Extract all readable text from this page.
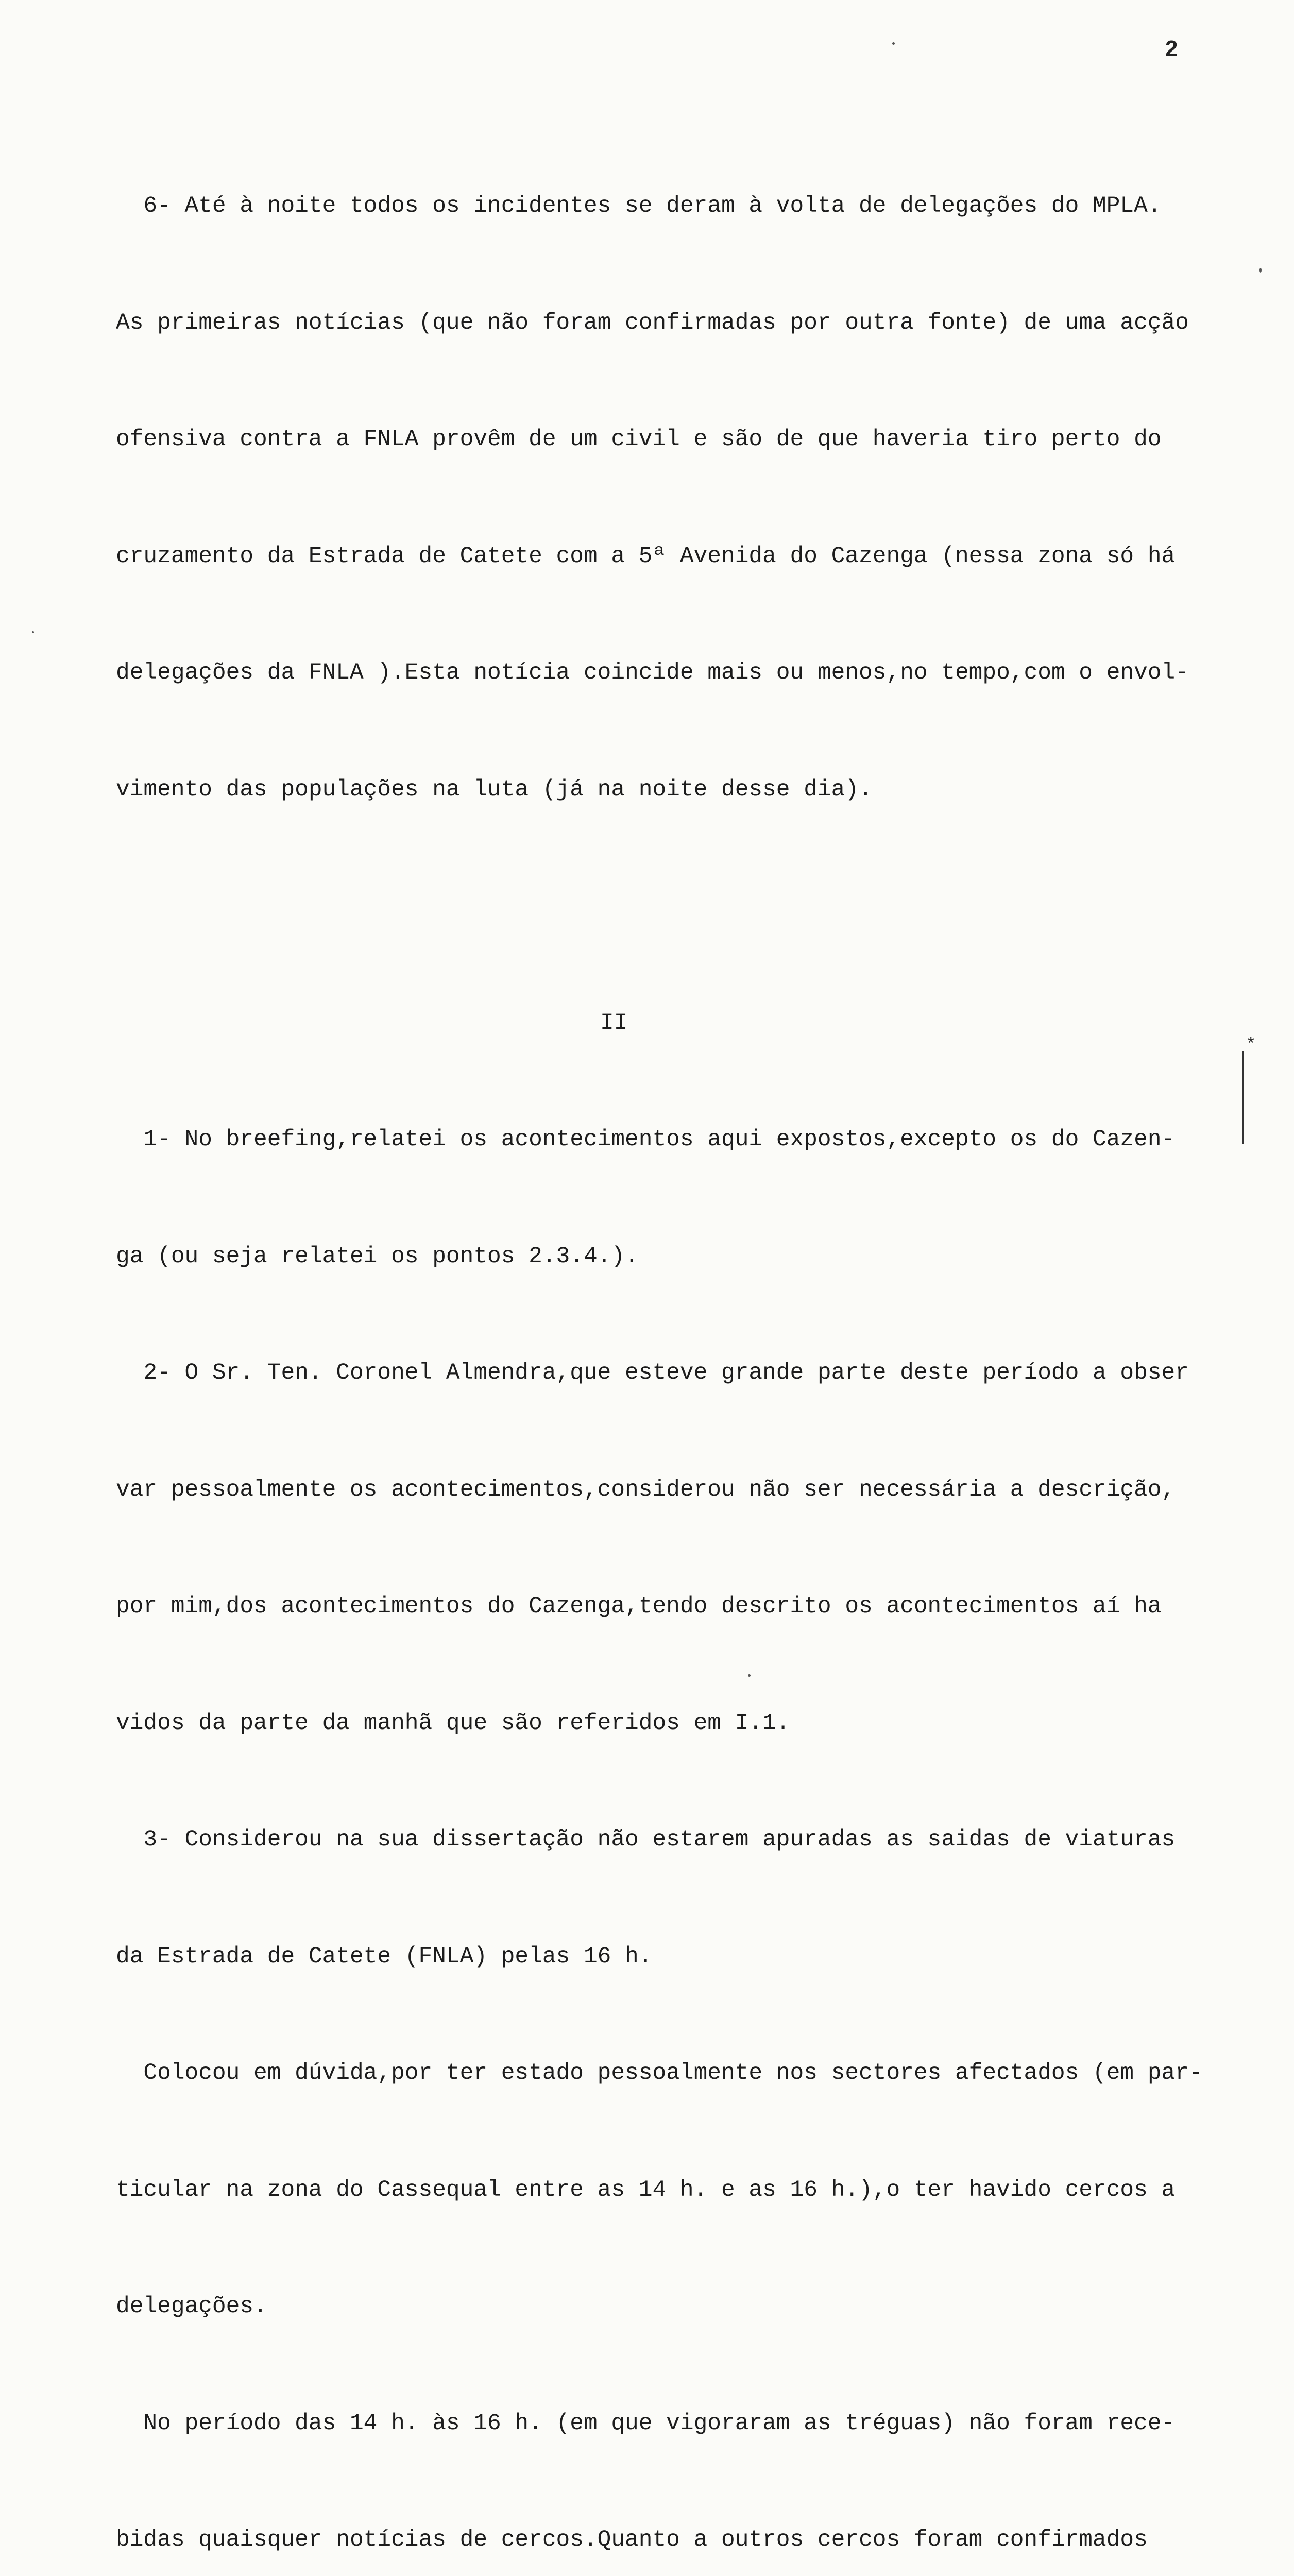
2

6- Até à noite todos os incidentes se deram à volta de delegações do MPLA.

As primeiras notícias (que não foram confirmadas por outra fonte) de uma acção

ofensiva contra a FNLA provêm de um civil e são de que haveria tiro perto do

cruzamento da Estrada de Catete com a 5ª Avenida do Cazenga (nessa zona só há

delegações da FNLA ).Esta notícia coincide mais ou menos,no tempo,com o envol-

vimento das populações na luta (já na noite desse dia).

II

1- No breefing,relatei os acontecimentos aqui expostos,excepto os do Cazen-

ga (ou seja relatei os pontos 2.3.4.).

2- O Sr. Ten. Coronel Almendra,que esteve grande parte deste período a obser

var pessoalmente os acontecimentos,considerou não ser necessária a descrição,

por mim,dos acontecimentos do Cazenga,tendo descrito os acontecimentos aí ha

vidos da parte da manhã que são referidos em I.1.

3- Considerou na sua dissertação não estarem apuradas as saidas de viaturas

da Estrada de Catete (FNLA) pelas 16 h.

Colocou em dúvida,por ter estado pessoalmente nos sectores afectados (em par-

ticular na zona do Cassequal entre as 14 h. e as 16 h.),o ter havido cercos a

delegações.

No período das 14 h. às 16 h. (em que vigoraram as tréguas) não foram rece-

bidas quaisquer notícias de cercos.Quanto a outros cercos foram confirmados

*
